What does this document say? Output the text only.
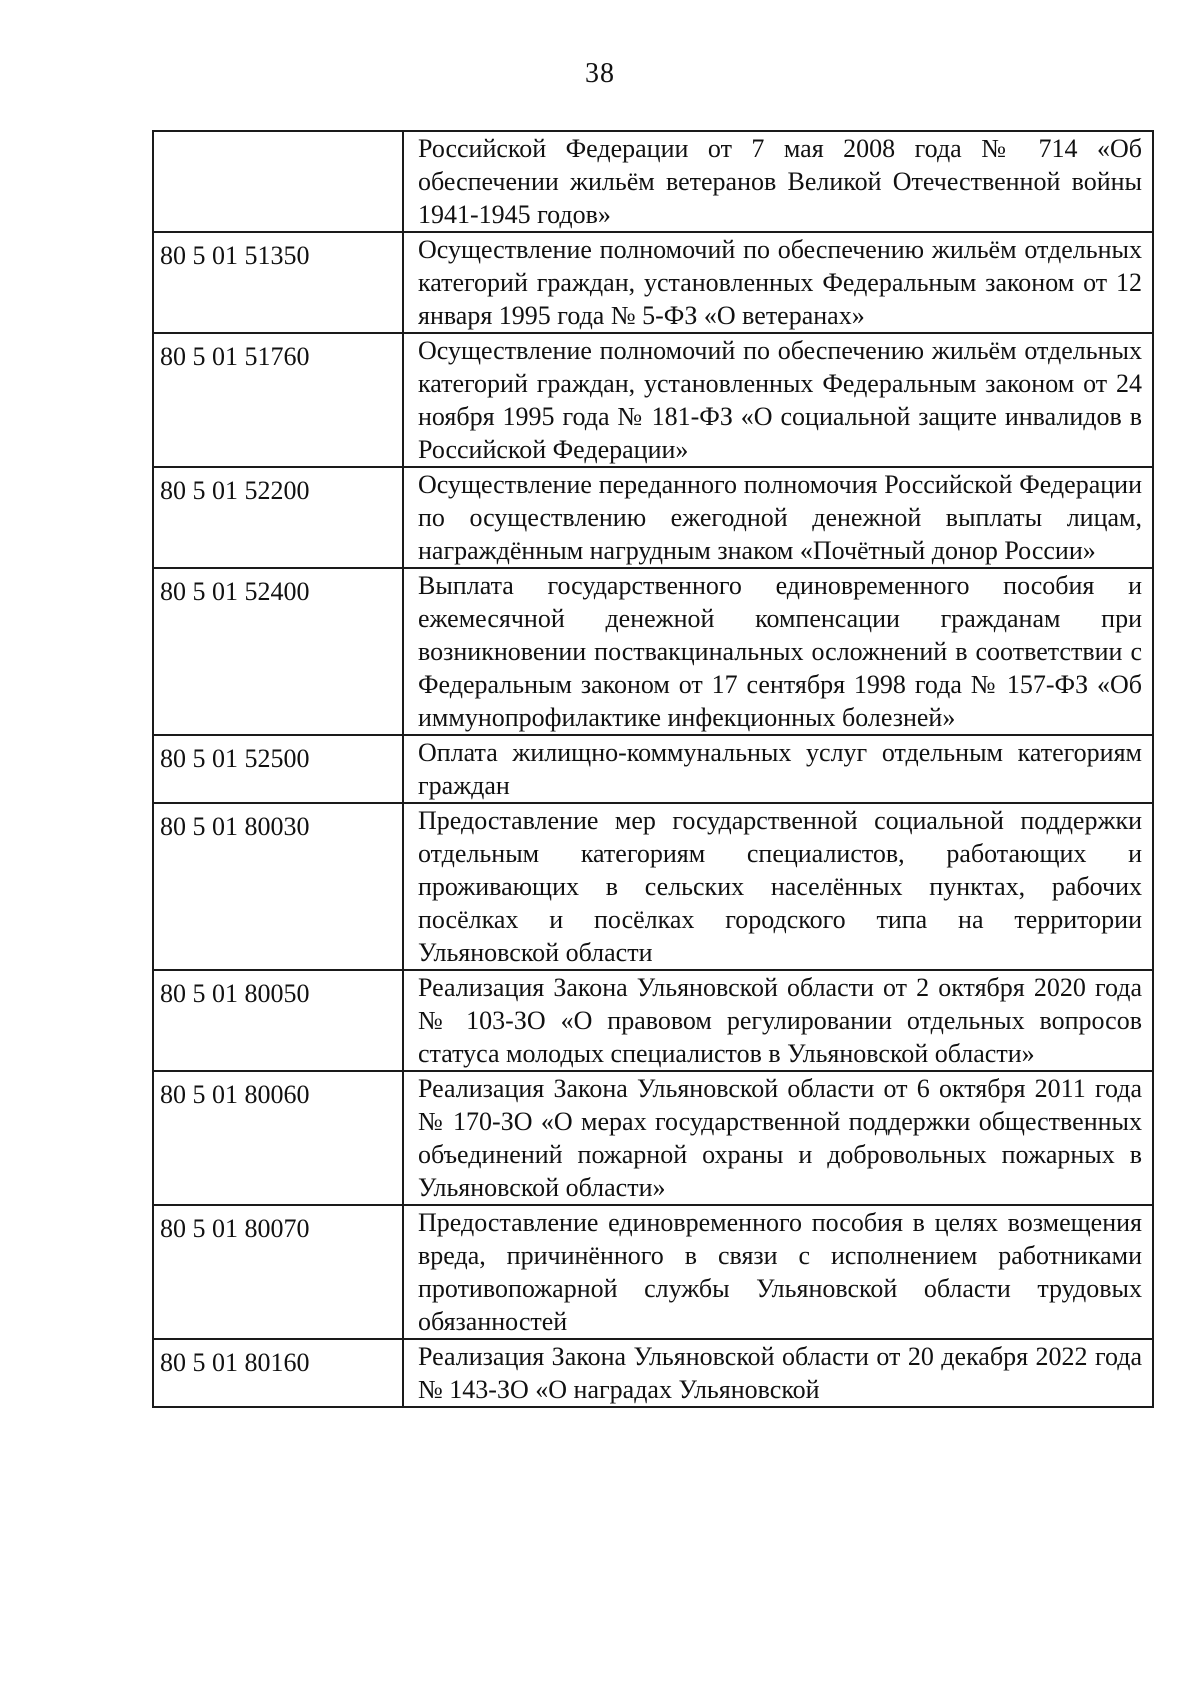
38
	Российской Федерации от 7 мая 2008 года № 714 «Об обеспечении жильём ветеранов Великой Отечественной войны 1941-1945 годов»
80 5 01 51350	Осуществление полномочий по обеспечению жильём отдельных категорий граждан, установленных Федеральным законом от 12 января 1995 года № 5-ФЗ «О ветеранах»
80 5 01 51760	Осуществление полномочий по обеспечению жильём отдельных категорий граждан, установленных Федеральным законом от 24 ноября 1995 года № 181-ФЗ «О социальной защите инвалидов в Российской Федерации»
80 5 01 52200	Осуществление переданного полномочия Российской Федерации по осуществлению ежегодной денежной выплаты лицам, награждённым нагрудным знаком «Почётный донор России»
80 5 01 52400	Выплата государственного единовременного пособия и ежемесячной денежной компенсации гражданам при возникновении поствакцинальных осложнений в соответствии с Федеральным законом от 17 сентября 1998 года № 157-ФЗ «Об иммунопрофилактике инфекционных болезней»
80 5 01 52500	Оплата жилищно-коммунальных услуг отдельным категориям граждан
80 5 01 80030	Предоставление мер государственной социальной поддержки отдельным категориям специалистов, работающих и проживающих в сельских населённых пунктах, рабочих посёлках и посёлках городского типа на территории Ульяновской области
80 5 01 80050	Реализация Закона Ульяновской области от 2 октября 2020 года № 103-ЗО «О правовом регулировании отдельных вопросов статуса молодых специалистов в Ульяновской области»
80 5 01 80060	Реализация Закона Ульяновской области от 6 октября 2011 года № 170-ЗО «О мерах государственной поддержки общественных объединений пожарной охраны и добровольных пожарных в Ульяновской области»
80 5 01 80070	Предоставление единовременного пособия в целях возмещения вреда, причинённого в связи с исполнением работниками противопожарной службы Ульяновской области трудовых обязанностей
80 5 01 80160	Реализация Закона Ульяновской области от 20 декабря 2022 года № 143-ЗО «О наградах Ульяновской
